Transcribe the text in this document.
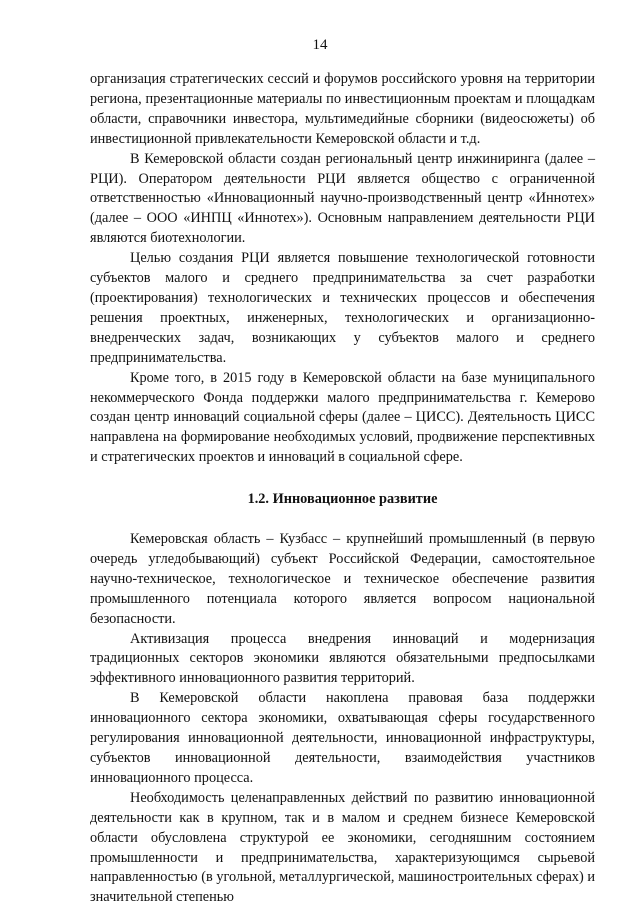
14

организация стратегических сессий и форумов российского уровня на территории региона, презентационные материалы по инвестиционным проектам и площадкам области, справочники инвестора, мультимедийные сборники (видеосюжеты) об инвестиционной привлекательности Кемеровской области и т.д.

В Кемеровской области создан региональный центр инжиниринга (далее – РЦИ). Оператором деятельности РЦИ является общество с ограниченной ответственностью «Инновационный научно-производственный центр «Иннотех» (далее – ООО «ИНПЦ «Иннотех»). Основным направлением деятельности РЦИ являются биотехнологии.

Целью создания РЦИ является повышение технологической готовности субъектов малого и среднего предпринимательства за счет разработки (проектирования) технологических и технических процессов и обеспечения решения проектных, инженерных, технологических и организационно-внедренческих задач, возникающих у субъектов малого и среднего предпринимательства.

Кроме того, в 2015 году в Кемеровской области на базе муниципального некоммерческого Фонда поддержки малого предпринимательства г. Кемерово создан центр инноваций социальной сферы (далее – ЦИСС). Деятельность ЦИСС направлена на формирование необходимых условий, продвижение перспективных и стратегических проектов и инноваций в социальной сфере.

1.2. Инновационное развитие

Кемеровская область – Кузбасс – крупнейший промышленный (в первую очередь угледобывающий) субъект Российской Федерации, самостоятельное научно-техническое, технологическое и техническое обеспечение развития промышленного потенциала которого является вопросом национальной безопасности.

Активизация процесса внедрения инноваций и модернизация традиционных секторов экономики являются обязательными предпосылками эффективного инновационного развития территорий.

В Кемеровской области накоплена правовая база поддержки инновационного сектора экономики, охватывающая сферы государственного регулирования инновационной деятельности, инновационной инфраструктуры, субъектов инновационной деятельности, взаимодействия участников инновационного процесса.

Необходимость целенаправленных действий по развитию инновационной деятельности как в крупном, так и в малом и среднем бизнесе Кемеровской области обусловлена структурой ее экономики, сегодняшним состоянием промышленности и предпринимательства, характеризующимся сырьевой направленностью (в угольной, металлургической, машиностроительных сферах) и значительной степенью
